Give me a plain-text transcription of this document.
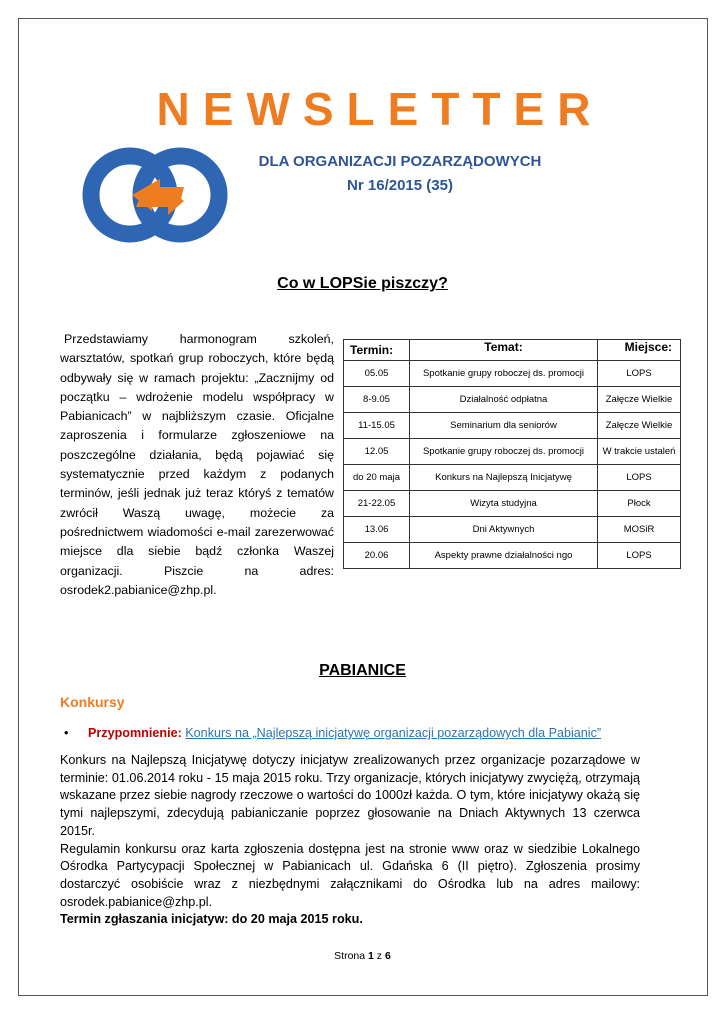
NEWSLETTER
DLA ORGANIZACJI POZARZĄDOWYCH
Nr 16/2015 (35)
Co w LOPSie piszczy?
Przedstawiamy harmonogram szkoleń, warsztatów, spotkań grup roboczych, które będą odbywały się w ramach projektu: „Zacznijmy od początku – wdrożenie modelu współpracy w Pabianicach” w najbliższym czasie. Oficjalne zaproszenia i formularze zgłoszeniowe na poszczególne działania, będą pojawiać się systematycznie przed każdym z podanych terminów, jeśli jednak już teraz któryś z tematów zwrócił Waszą uwagę, możecie za pośrednictwem wiadomości e-mail zarezerwować miejsce dla siebie bądź członka Waszej organizacji. Piszcie na adres: osrodek2.pabianice@zhp.pl.
Termin:	Temat:	Miejsce:
05.05	Spotkanie grupy roboczej ds. promocji	LOPS
8-9.05	Działalność odpłatna	Załęcze Wielkie
11-15.05	Seminarium dla seniorów	Załęcze Wielkie
12.05	Spotkanie grupy roboczej ds. promocji	W trakcie ustaleń
do 20 maja	Konkurs na Najlepszą Inicjatywę	LOPS
21-22.05	Wizyta studyjna	Płock
13.06	Dni Aktywnych	MOSiR
20.06	Aspekty prawne działalności ngo	LOPS
PABIANICE
Konkursy
• Przypomnienie: Konkurs na „Najlepszą inicjatywę organizacji pozarządowych dla Pabianic”

Konkurs na Najlepszą Inicjatywę dotyczy inicjatyw zrealizowanych przez organizacje pozarządowe w terminie: 01.06.2014 roku - 15 maja 2015 roku. Trzy organizacje, których inicjatywy zwyciężą, otrzymają wskazane przez siebie nagrody rzeczowe o wartości do 1000zł każda. O tym, które inicjatywy okażą się tymi najlepszymi, zdecydują pabianiczanie poprzez głosowanie na Dniach Aktywnych 13 czerwca 2015r.

Regulamin konkursu oraz karta zgłoszenia dostępna jest na stronie www oraz w siedzibie Lokalnego Ośrodka Partycypacji Społecznej w Pabianicach ul. Gdańska 6 (II piętro). Zgłoszenia prosimy dostarczyć osobiście wraz z niezbędnymi załącznikami do Ośrodka lub na adres mailowy: osrodek.pabianice@zhp.pl.

Termin zgłaszania inicjatyw: do 20 maja 2015 roku.

Strona 1 z 6
